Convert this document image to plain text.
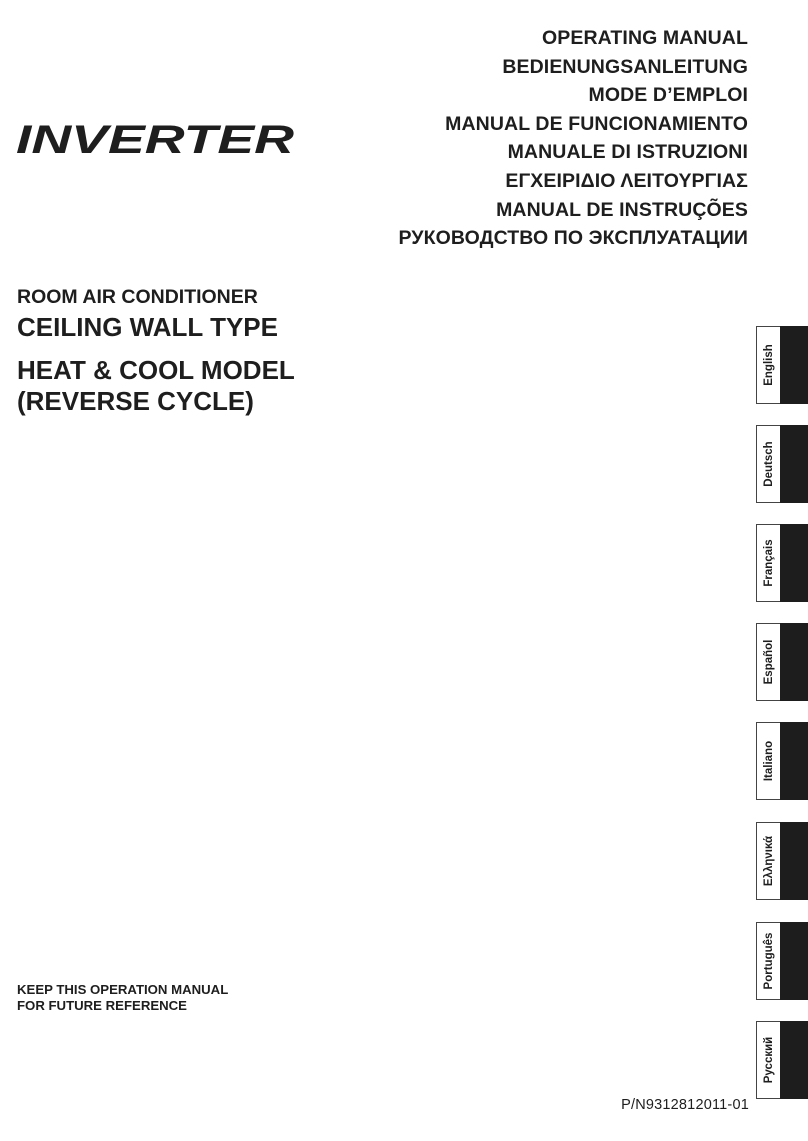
OPERATING MANUAL
BEDIENUNGSANLEITUNG
MODE D’EMPLOI
MANUAL DE FUNCIONAMIENTO
MANUALE DI ISTRUZIONI
ΕΓΧΕΙΡΙΔΙΟ ΛΕΙΤΟΥΡΓΙΑΣ
MANUAL DE INSTRUÇÕES
РУКОВОДСТВО ПО ЭКСПЛУАТАЦИИ
INVERTER
ROOM AIR CONDITIONER
CEILING WALL TYPE
HEAT & COOL MODEL
(REVERSE CYCLE)
KEEP THIS OPERATION MANUAL
FOR FUTURE REFERENCE
English
Deutsch
Français
Español
Italiano
Ελληνικά
Português
Русский
P/N9312812011-01
